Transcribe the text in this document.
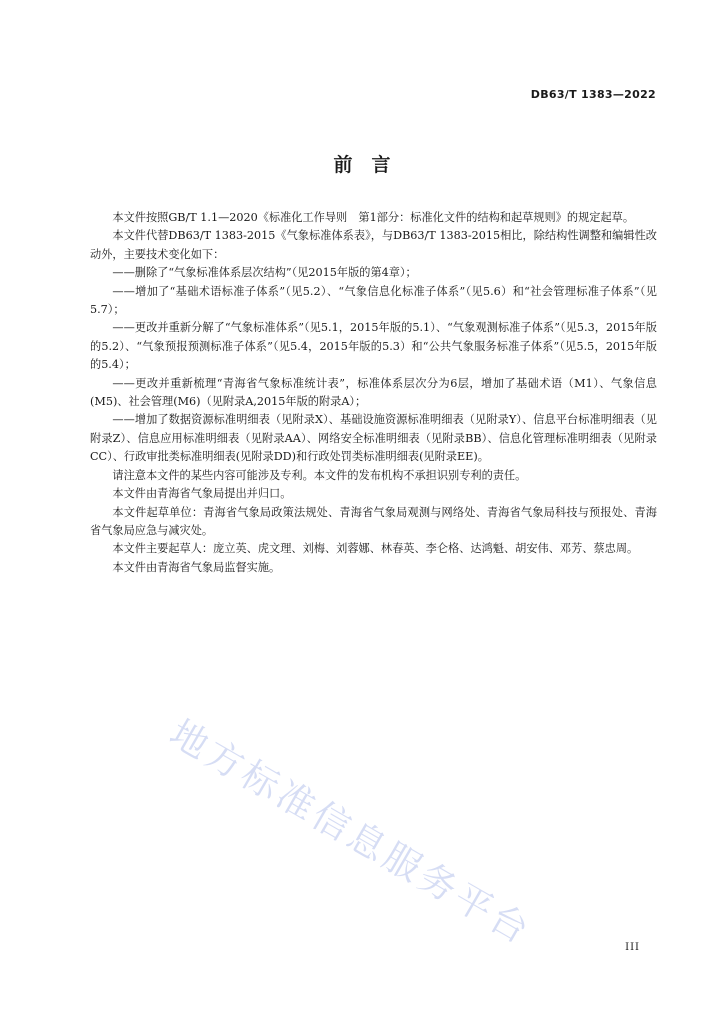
DB63/T 1383—2022
前　言

本文件按照GB/T 1.1—2020《标准化工作导则　第1部分：标准化文件的结构和起草规则》的规定起草。

本文件代替DB63/T 1383-2015《气象标准体系表》，与DB63/T 1383-2015相比，除结构性调整和编辑性改动外，主要技术变化如下：

——删除了“气象标准体系层次结构”（见2015年版的第4章）；

——增加了“基础术语标准子体系”（见5.2）、“气象信息化标准子体系”（见5.6）和“社会管理标准子体系”（见5.7）；

——更改并重新分解了“气象标准体系”（见5.1，2015年版的5.1）、“气象观测标准子体系”（见5.3，2015年版的5.2）、“气象预报预测标准子体系”（见5.4，2015年版的5.3）和“公共气象服务标准子体系”（见5.5，2015年版的5.4）；

——更改并重新梳理“青海省气象标准统计表”，标准体系层次分为6层，增加了基础术语（M1）、气象信息(M5)、社会管理(M6)（见附录A,2015年版的附录A）；

——增加了数据资源标准明细表（见附录X）、基础设施资源标准明细表（见附录Y）、信息平台标准明细表（见附录Z）、信息应用标准明细表（见附录AA）、网络安全标准明细表（见附录BB）、信息化管理标准明细表（见附录CC）、行政审批类标准明细表(见附录DD)和行政处罚类标准明细表(见附录EE)。

请注意本文件的某些内容可能涉及专利。本文件的发布机构不承担识别专利的责任。

本文件由青海省气象局提出并归口。

本文件起草单位：青海省气象局政策法规处、青海省气象局观测与网络处、青海省气象局科技与预报处、青海省气象局应急与减灾处。

本文件主要起草人：庞立英、虎文理、刘梅、刘蓉娜、林春英、李仑格、达鸿魁、胡安伟、邓芳、蔡忠周。

本文件由青海省气象局监督实施。

地方标准信息服务平台	III
